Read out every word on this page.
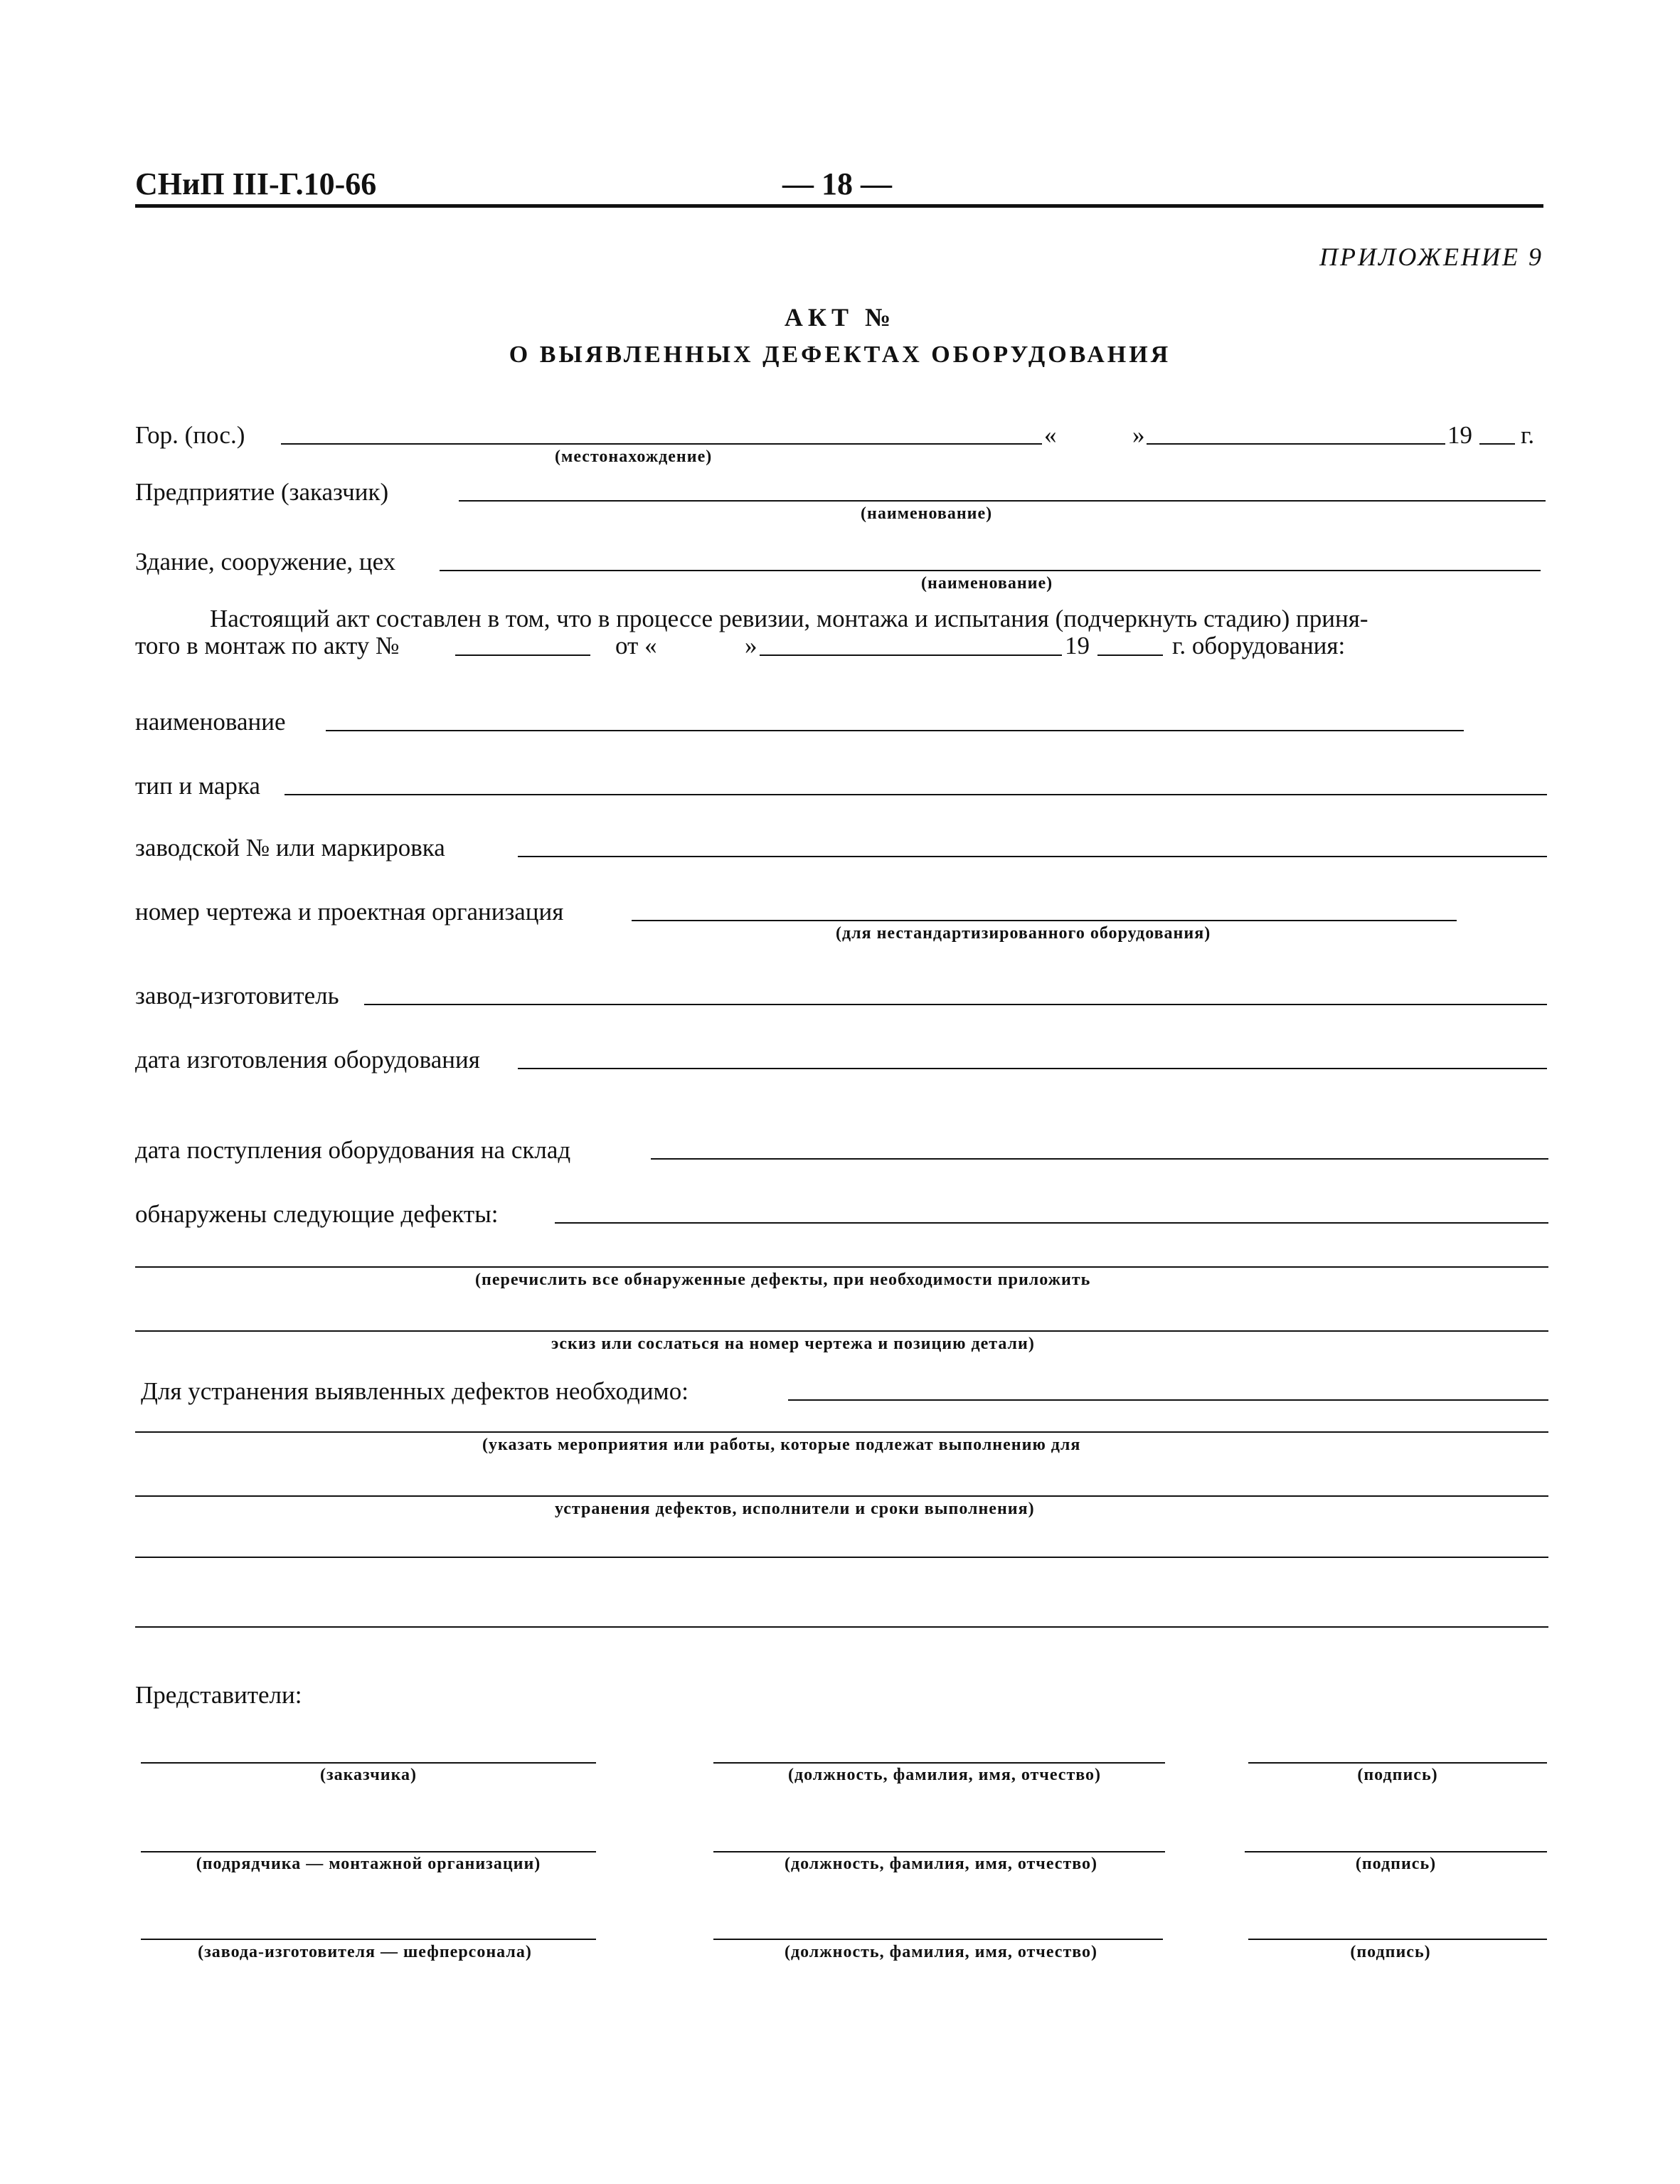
СНиП III-Г.10-66	— 18 —
ПРИЛОЖЕНИЕ 9
АКТ №
О ВЫЯВЛЕННЫХ ДЕФЕКТАХ ОБОРУДОВАНИЯ
Гор. (пос.)
(местонахождение)
«	»	19 г.
Предприятие (заказчик)
(наименование)
Здание, сооружение, цех
(наименование)
Настоящий акт составлен в том, что в процессе ревизии, монтажа и испытания (подчеркнуть стадию) приня-
того в монтаж по акту №	от «	»	19	г. оборудования:
наименование
тип и марка
заводской № или маркировка
номер чертежа и проектная организация
(для нестандартизированного оборудования)
завод-изготовитель
дата изготовления оборудования
дата поступления оборудования на склад
обнаружены следующие дефекты:
(перечислить все обнаруженные дефекты, при необходимости приложить
эскиз или сослаться на номер чертежа и позицию детали)
Для устранения выявленных дефектов необходимо:
(указать мероприятия или работы, которые подлежат выполнению для
устранения дефектов, исполнители и сроки выполнения)
Представители:
(заказчика)	(должность, фамилия, имя, отчество)	(подпись)
(подрядчика — монтажной организации)	(должность, фамилия, имя, отчество)	(подпись)
(завода-изготовителя — шефперсонала)	(должность, фамилия, имя, отчество)	(подпись)
